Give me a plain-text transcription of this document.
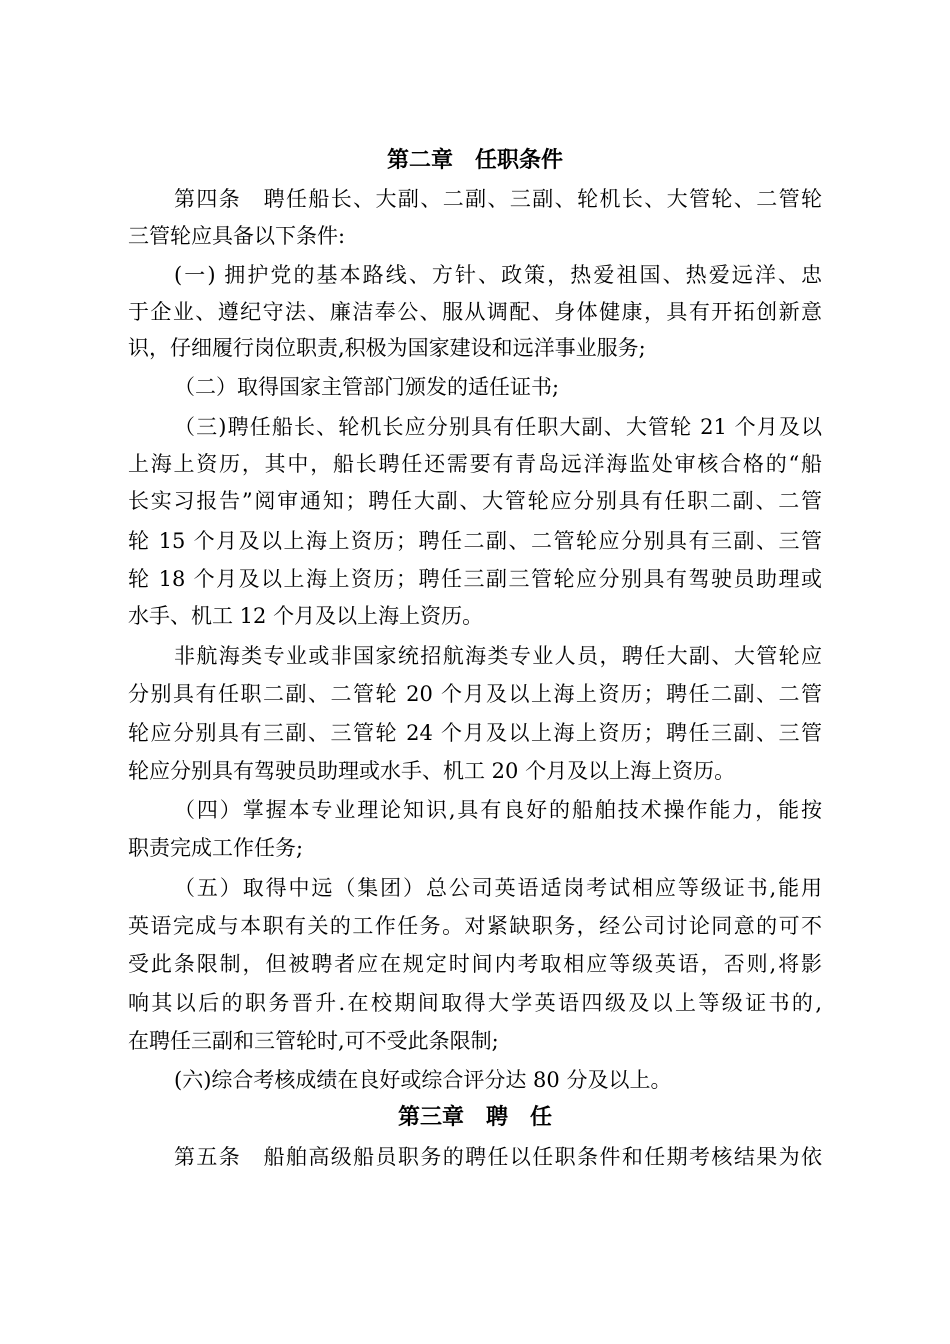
第二章　任职条件
第四条　聘任船长、大副、二副、三副、轮机长、大管轮、二管轮
三管轮应具备以下条件:
(一) 拥护党的基本路线、方针、政策，热爱祖国、热爱远洋、忠
于企业、遵纪守法、廉洁奉公、服从调配、身体健康，具有开拓创新意
识，仔细履行岗位职责,积极为国家建设和远洋事业服务;
（二）取得国家主管部门颁发的适任证书;
（三)聘任船长、轮机长应分别具有任职大副、大管轮 21 个月及以
上海上资历，其中，船长聘任还需要有青岛远洋海监处审核合格的“船
长实习报告”阅审通知；聘任大副、大管轮应分别具有任职二副、二管
轮 15 个月及以上海上资历；聘任二副、二管轮应分别具有三副、三管
轮 18 个月及以上海上资历；聘任三副三管轮应分别具有驾驶员助理或
水手、机工 12 个月及以上海上资历。
非航海类专业或非国家统招航海类专业人员，聘任大副、大管轮应
分别具有任职二副、二管轮 20 个月及以上海上资历；聘任二副、二管
轮应分别具有三副、三管轮 24 个月及以上海上资历；聘任三副、三管
轮应分别具有驾驶员助理或水手、机工 20 个月及以上海上资历。
（四）掌握本专业理论知识,具有良好的船舶技术操作能力，能按
职责完成工作任务;
（五）取得中远（集团）总公司英语适岗考试相应等级证书,能用
英语完成与本职有关的工作任务。对紧缺职务，经公司讨论同意的可不
受此条限制，但被聘者应在规定时间内考取相应等级英语，否则,将影
响其以后的职务晋升.在校期间取得大学英语四级及以上等级证书的,
在聘任三副和三管轮时,可不受此条限制;
(六)综合考核成绩在良好或综合评分达 80 分及以上。
第三章　聘　任
第五条　船舶高级船员职务的聘任以任职条件和任期考核结果为依
